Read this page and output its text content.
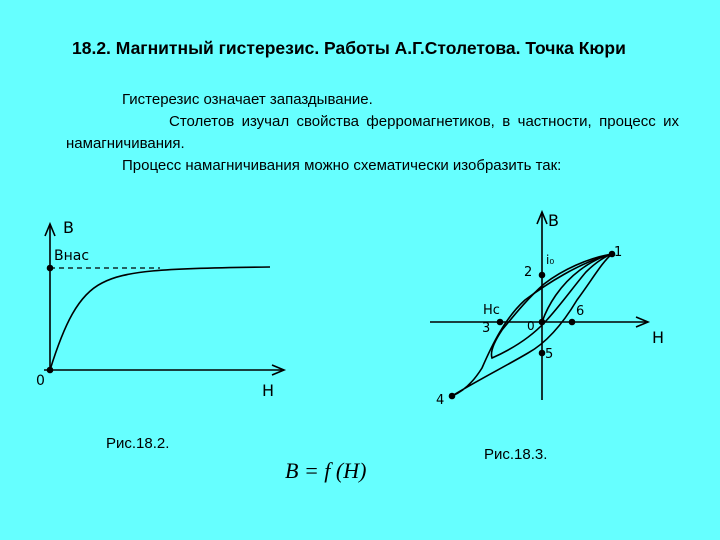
18.2. Магнитный гистерезис. Работы А.Г.Столетова. Точка Кюри
Гистерезис означает запаздывание.
Столетов изучал свойства ферромагнетиков, в частности, процесс их намагничивания.
Процесс намагничивания можно схематически изобразить так:
B
Bнас
0	H
B
i₀	1
2
3
4
5
6
Hc
0
H
Рис.18.2.
Рис.18.3.
B = f (H)
